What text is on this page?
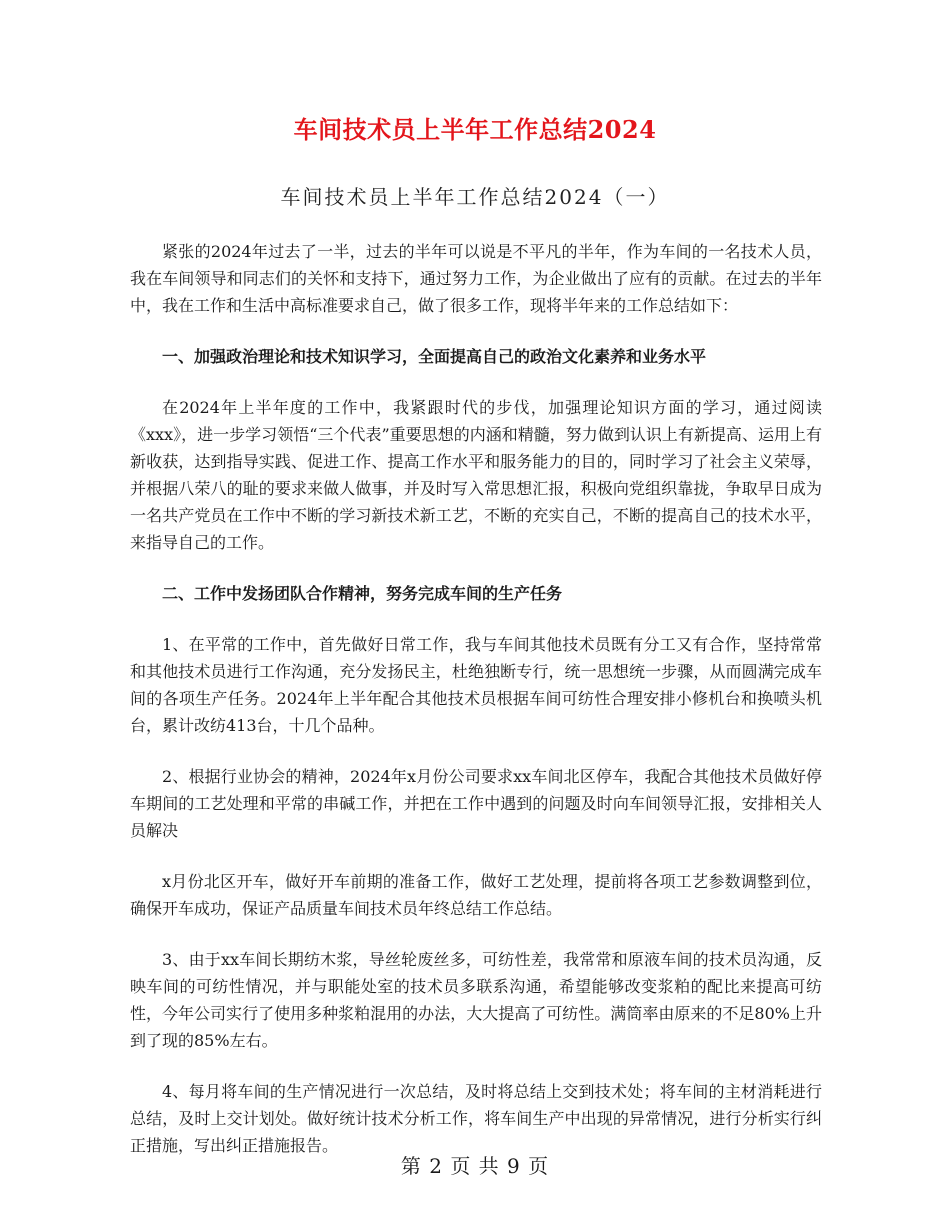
车间技术员上半年工作总结2024
车间技术员上半年工作总结2024（一）

紧张的2024年过去了一半，过去的半年可以说是不平凡的半年，作为车间的一名技术人员，我在车间领导和同志们的关怀和支持下，通过努力工作，为企业做出了应有的贡献。在过去的半年中，我在工作和生活中高标准要求自己，做了很多工作，现将半年来的工作总结如下：

一、加强政治理论和技术知识学习，全面提高自己的政治文化素养和业务水平

在2024年上半年度的工作中，我紧跟时代的步伐，加强理论知识方面的学习，通过阅读《xxx》，进一步学习领悟“三个代表”重要思想的内涵和精髓，努力做到认识上有新提高、运用上有新收获，达到指导实践、促进工作、提高工作水平和服务能力的目的，同时学习了社会主义荣辱，并根据八荣八的耻的要求来做人做事，并及时写入常思想汇报，积极向党组织靠拢，争取早日成为一名共产党员在工作中不断的学习新技术新工艺，不断的充实自己，不断的提高自己的技术水平，来指导自己的工作。

二、工作中发扬团队合作精神，努务完成车间的生产任务

1、在平常的工作中，首先做好日常工作，我与车间其他技术员既有分工又有合作，坚持常常和其他技术员进行工作沟通，充分发扬民主，杜绝独断专行，统一思想统一步骤，从而圆满完成车间的各项生产任务。2024年上半年配合其他技术员根据车间可纺性合理安排小修机台和换喷头机台，累计改纺413台，十几个品种。

2、根据行业协会的精神，2024年x月份公司要求xx车间北区停车，我配合其他技术员做好停车期间的工艺处理和平常的串碱工作，并把在工作中遇到的问题及时向车间领导汇报，安排相关人员解决

x月份北区开车，做好开车前期的准备工作，做好工艺处理，提前将各项工艺参数调整到位，确保开车成功，保证产品质量车间技术员年终总结工作总结。

3、由于xx车间长期纺木浆，导丝轮废丝多，可纺性差，我常常和原液车间的技术员沟通，反映车间的可纺性情况，并与职能处室的技术员多联系沟通，希望能够改变浆粕的配比来提高可纺性，今年公司实行了使用多种浆粕混用的办法，大大提高了可纺性。满筒率由原来的不足80%上升到了现的85%左右。

4、每月将车间的生产情况进行一次总结，及时将总结上交到技术处；将车间的主材消耗进行总结，及时上交计划处。做好统计技术分析工作，将车间生产中出现的异常情况，进行分析实行纠正措施，写出纠正措施报告。

第 2 页 共 9 页
